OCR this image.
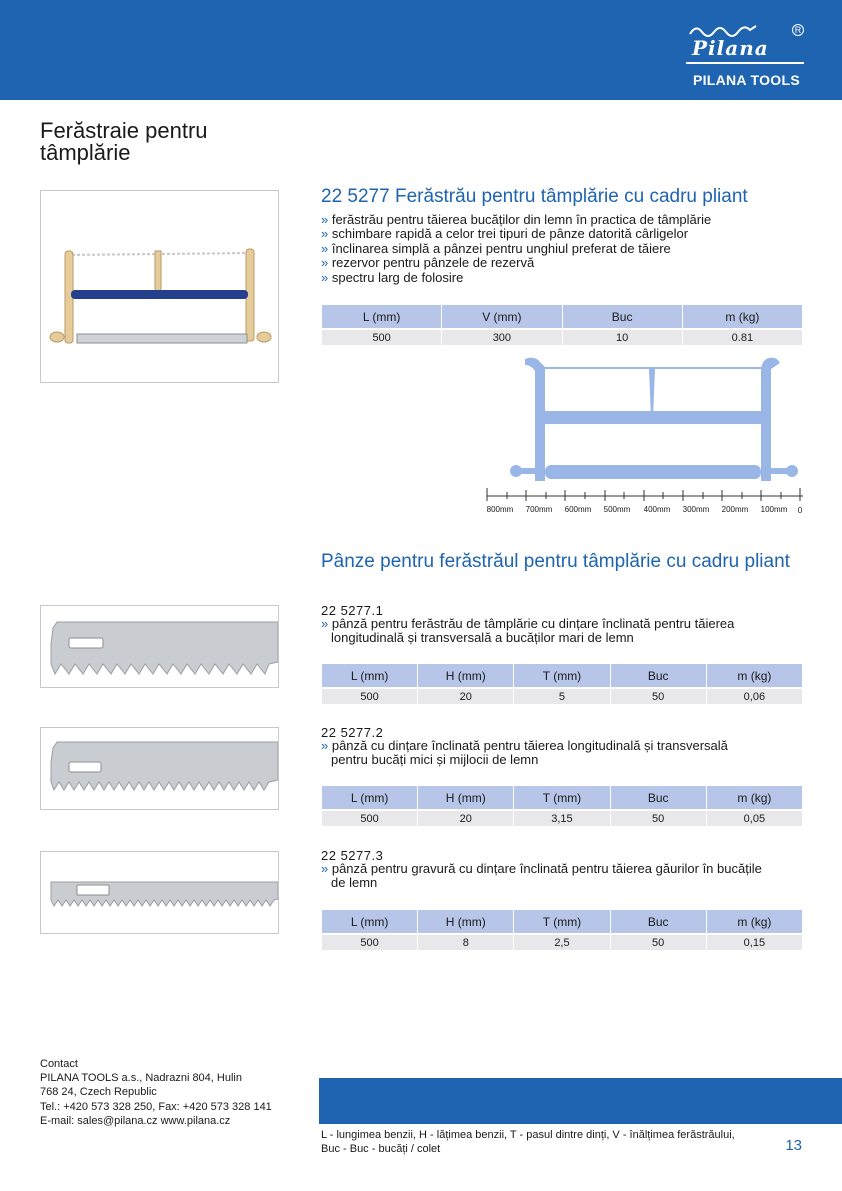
Pilana
R
PILANA TOOLS
Ferăstraie pentru tâmplărie
22 5277 Ferăstrău pentru tâmplărie cu cadru pliant
» ferăstrău pentru tăierea bucăților din lemn în practica de tâmplărie
» schimbare rapidă a celor trei tipuri de pânze datorită cârligelor
» înclinarea simplă a pânzei pentru unghiul preferat de tăiere
» rezervor pentru pânzele de rezervă
» spectru larg de folosire
L (mm)	V (mm)	Buc	m (kg)
500	300	10	0.81
800mm 700mm 600mm 500mm 400mm 300mm 200mm 100mm 0
Pânze pentru ferăstrăul pentru tâmplărie cu cadru pliant
22 5277.1
» pânză pentru ferăstrău de tâmplărie cu dințare înclinată pentru tăierea
longitudinală și transversală a bucăților mari de lemn
L (mm)	H (mm)	T (mm)	Buc	m (kg)
500	20	5	50	0,06
22 5277.2
» pânză cu dințare înclinată pentru tăierea longitudinală și transversală
pentru bucăți mici și mijlocii de lemn
L (mm)	H (mm)	T (mm)	Buc	m (kg)
500	20	3,15	50	0,05
22 5277.3
» pânză pentru gravură cu dințare înclinată pentru tăierea găurilor în bucățile
de lemn
L (mm)	H (mm)	T (mm)	Buc	m (kg)
500	8	2,5	50	0,15
Contact
PILANA TOOLS a.s., Nadrazni 804, Hulin
768 24, Czech Republic
Tel.: +420 573 328 250, Fax: +420 573 328 141
E-mail: sales@pilana.cz www.pilana.cz
L - lungimea benzii, H - lățimea benzii, T - pasul dintre dinți, V - înălțimea ferăstrăului,
Buc - Buc - bucăți / colet	13
